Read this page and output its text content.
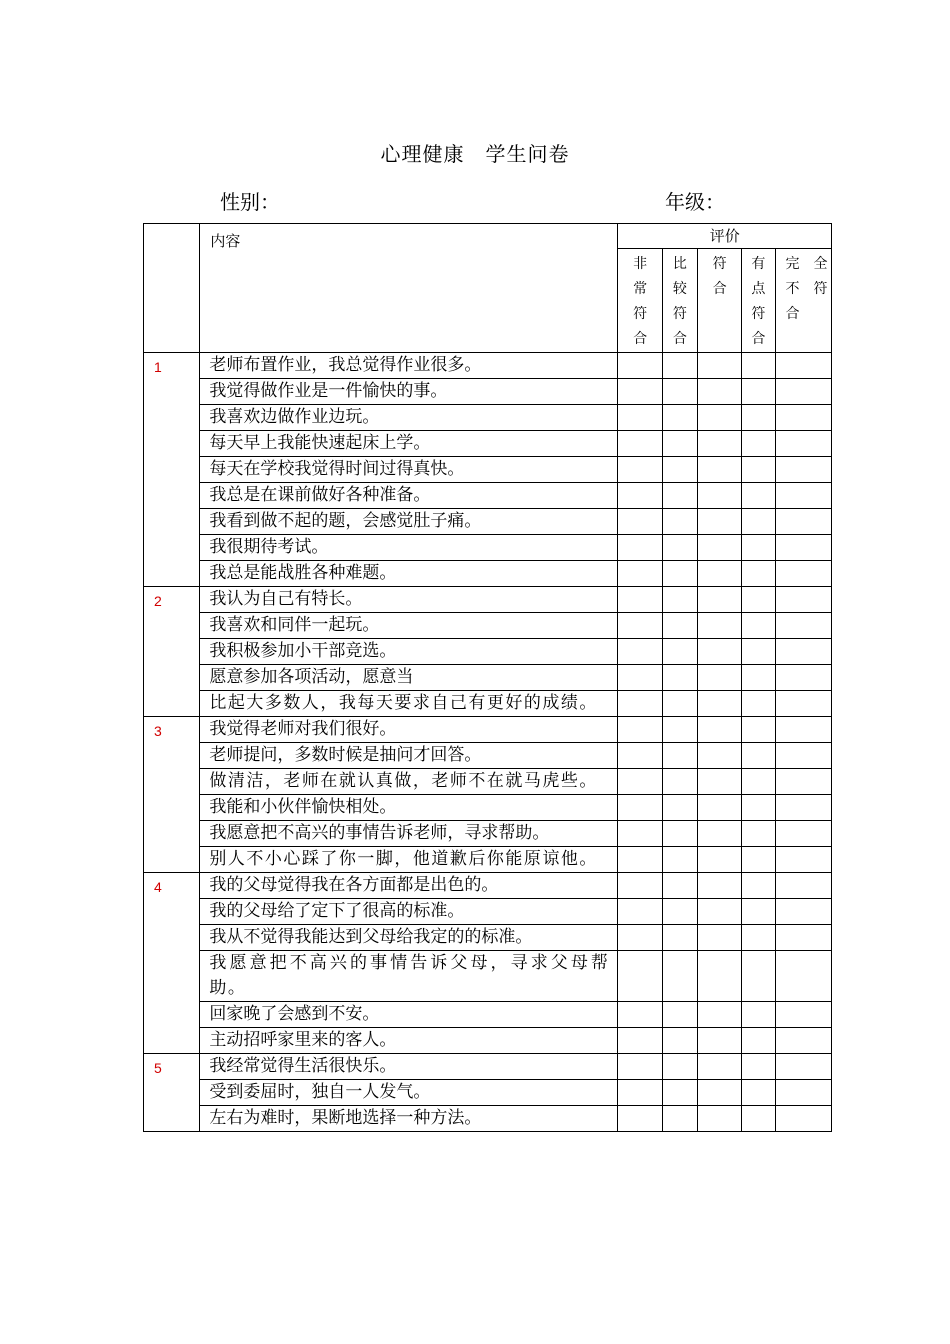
心理健康　学生问卷
性别：	年级：
	内容	评价				

		非
常
符
合	比
较
符
合	符
合	有
点
符
合	完全
不符
合

1	老师布置作业，我总觉得作业很多。					
	我觉得做作业是一件愉快的事。					
	我喜欢边做作业边玩。					
	每天早上我能快速起床上学。					
	每天在学校我觉得时间过得真快。					
	我总是在课前做好各种准备。					
	我看到做不起的题，会感觉肚子痛。					
	我很期待考试。					
	我总是能战胜各种难题。					
2	我认为自己有特长。					
	我喜欢和同伴一起玩。					
	我积极参加小干部竞选。					
	愿意参加各项活动，愿意当					
	比起大多数人，我每天要求自己有更好的成绩。					
3	我觉得老师对我们很好。					
	老师提问，多数时候是抽问才回答。					
	做清洁，老师在就认真做，老师不在就马虎些。					
	我能和小伙伴愉快相处。					
	我愿意把不高兴的事情告诉老师，寻求帮助。					
	别人不小心踩了你一脚，他道歉后你能原谅他。					
4	我的父母觉得我在各方面都是出色的。					
	我的父母给了定下了很高的标准。					
	我从不觉得我能达到父母给我定的的标准。					
	我愿意把不高兴的事情告诉父母，寻求父母帮助。					
	回家晚了会感到不安。					
	主动招呼家里来的客人。					
5	我经常觉得生活很快乐。					
	受到委屈时，独自一人发气。					
	左右为难时，果断地选择一种方法。					
